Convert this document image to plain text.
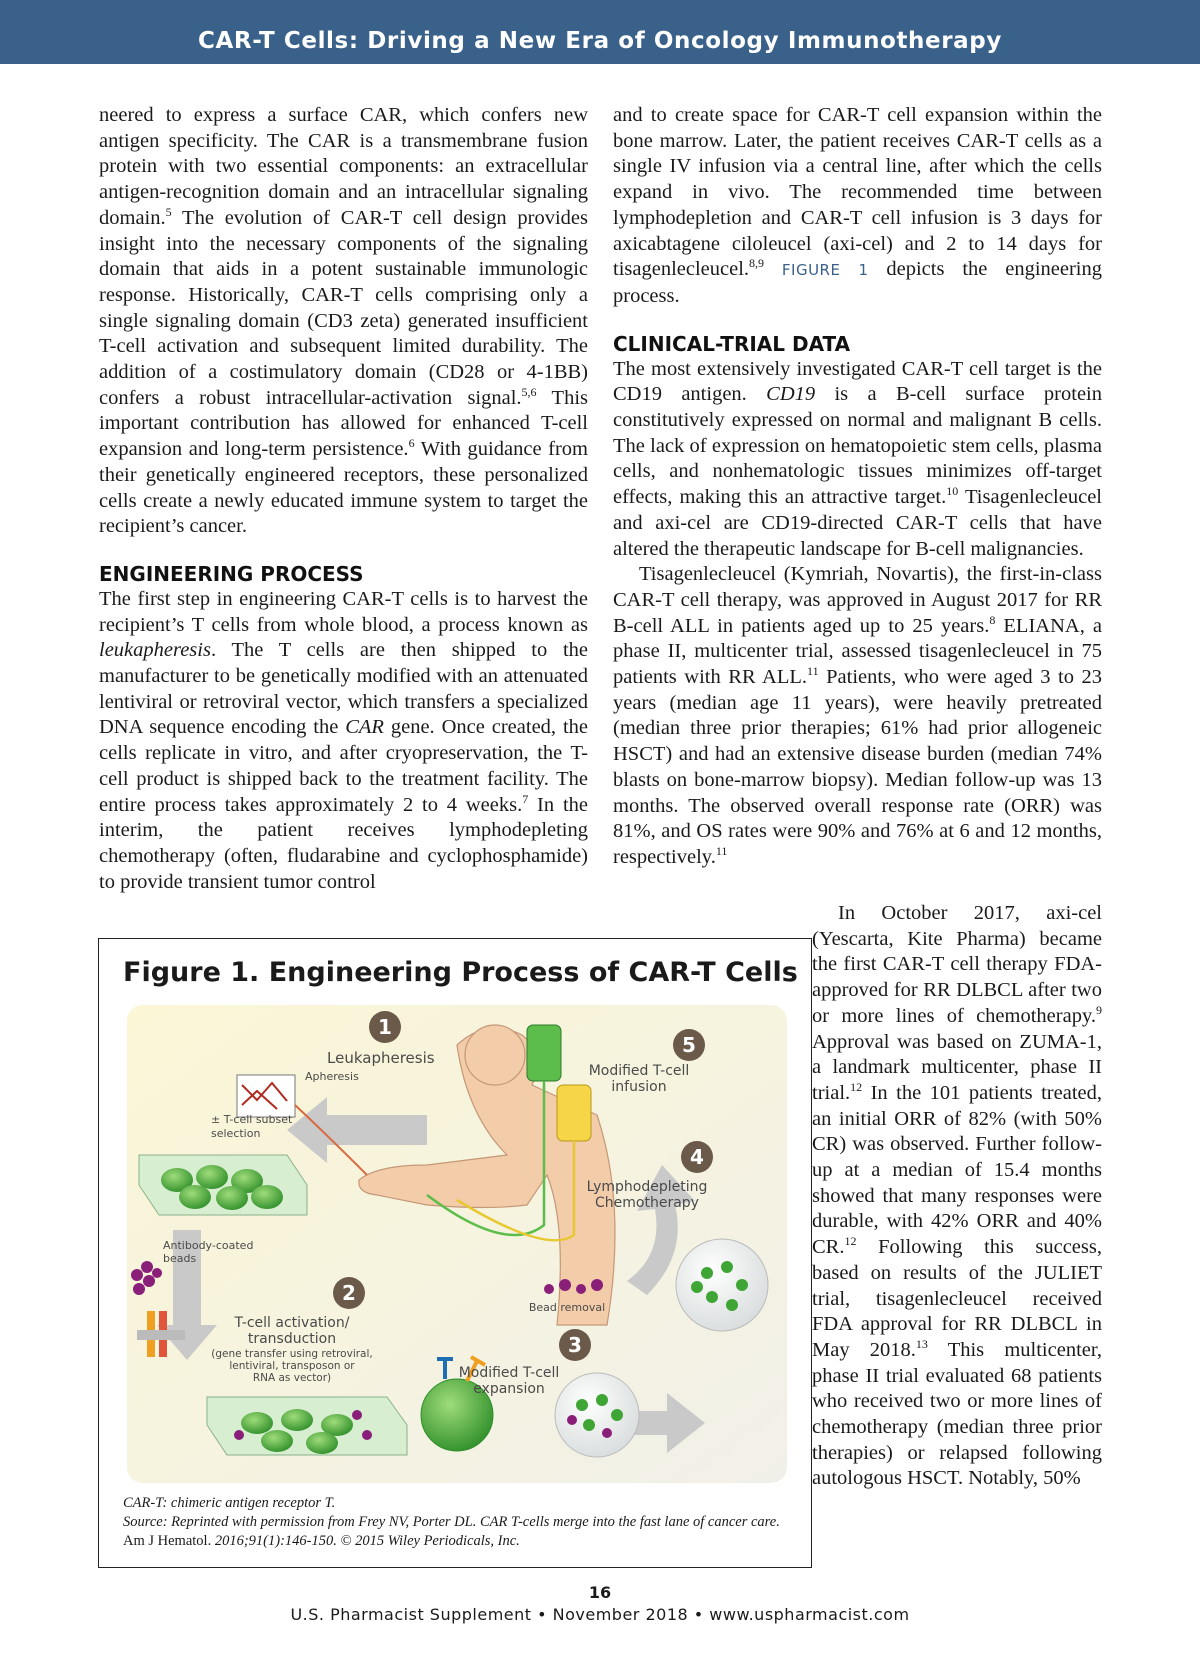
CAR-T Cells: Driving a New Era of Oncology Immunotherapy

neered to express a surface CAR, which confers new antigen specificity. The CAR is a transmembrane fusion protein with two essential components: an extracellular antigen-recognition domain and an intracellular signaling domain.$^5$ The evolution of CAR-T cell design provides insight into the necessary components of the signaling domain that aids in a potent sustainable immunologic response. Historically, CAR-T cells comprising only a single signaling domain (CD3 zeta) generated insufficient T-cell activation and subsequent limited durability. The addition of a costimulatory domain (CD28 or 4-1BB) confers a robust intracellular-activation signal.$^{5,6}$ This important contribution has allowed for enhanced T-cell expansion and long-term persistence.$^6$ With guidance from their genetically engineered receptors, these personalized cells create a newly educated immune system to target the recipient’s cancer.

ENGINEERING PROCESS

The first step in engineering CAR-T cells is to harvest the recipient’s T cells from whole blood, a process known as leukapheresis. The T cells are then shipped to the manufacturer to be genetically modified with an attenuated lentiviral or retroviral vector, which transfers a specialized DNA sequence encoding the CAR gene. Once created, the cells replicate in vitro, and after cryopreservation, the T-cell product is shipped back to the treatment facility. The entire process takes approximately 2 to 4 weeks.$^7$ In the interim, the patient receives lymphodepleting chemotherapy (often, fludarabine and cyclophosphamide) to provide transient tumor control

and to create space for CAR-T cell expansion within the bone marrow. Later, the patient receives CAR-T cells as a single IV infusion via a central line, after which the cells expand in vivo. The recommended time between lymphodepletion and CAR-T cell infusion is 3 days for axicabtagene ciloleucel (axi-cel) and 2 to 14 days for tisagenlecleucel.$^{8,9}$ FIGURE 1 depicts the engineering process.

CLINICAL-TRIAL DATA

The most extensively investigated CAR-T cell target is the CD19 antigen. CD19 is a B-cell surface protein constitutively expressed on normal and malignant B cells. The lack of expression on hematopoietic stem cells, plasma cells, and nonhematologic tissues minimizes off-target effects, making this an attractive target.$^{10}$ Tisagenlecleucel and axi-cel are CD19-directed CAR-T cells that have altered the therapeutic landscape for B-cell malignancies.

Tisagenlecleucel (Kymriah, Novartis), the first-in-class CAR-T cell therapy, was approved in August 2017 for RR B-cell ALL in patients aged up to 25 years.$^8$ ELIANA, a phase II, multicenter trial, assessed tisagenlecleucel in 75 patients with RR ALL.$^{11}$ Patients, who were aged 3 to 23 years (median age 11 years), were heavily pretreated (median three prior therapies; 61% had prior allogeneic HSCT) and had an extensive disease burden (median 74% blasts on bone-marrow biopsy). Median follow-up was 13 months. The observed overall response rate (ORR) was 81%, and OS rates were 90% and 76% at 6 and 12 months, respectively.$^{11}$

In October 2017, axi-cel (Yescarta, Kite Pharma) became the first CAR-T cell therapy FDA-approved for RR DLBCL after two or more lines of chemotherapy.$^9$ Approval was based on ZUMA-1, a landmark multicenter, phase II trial.$^{12}$ In the 101 patients treated, an initial ORR of 82% (with 50% CR) was observed. Further follow-up at a median of 15.4 months showed that many responses were durable, with 42% ORR and 40% CR.$^{12}$ Following this success, based on results of the JULIET trial, tisagenlecleucel received FDA approval for RR DLBCL in May 2018.13 This multicenter, phase II trial evaluated 68 patients who received two or more lines of chemotherapy (median three prior therapies) or relapsed following autologous HSCT. Notably, 50%

Figure 1. Engineering Process of CAR-T Cells
1
2
3
4
5
Leukapheresis
Apheresis
± T-cell subset
selection
Modified T-cell
infusion
Lymphodepleting
Chemotherapy
Antibody-coated
beads
T-cell activation/
transduction
(gene transfer using retroviral,
lentiviral, transposon or
RNA as vector)
Bead removal
Modified T-cell
expansion

CAR-T: chimeric antigen receptor T.

Source: Reprinted with permission from Frey NV, Porter DL. CAR T-cells merge into the fast lane of cancer care. Am J Hematol. 2016;91(1):146-150. © 2015 Wiley Periodicals, Inc.

16
U.S. Pharmacist Supplement • November 2018 • www.uspharmacist.com
